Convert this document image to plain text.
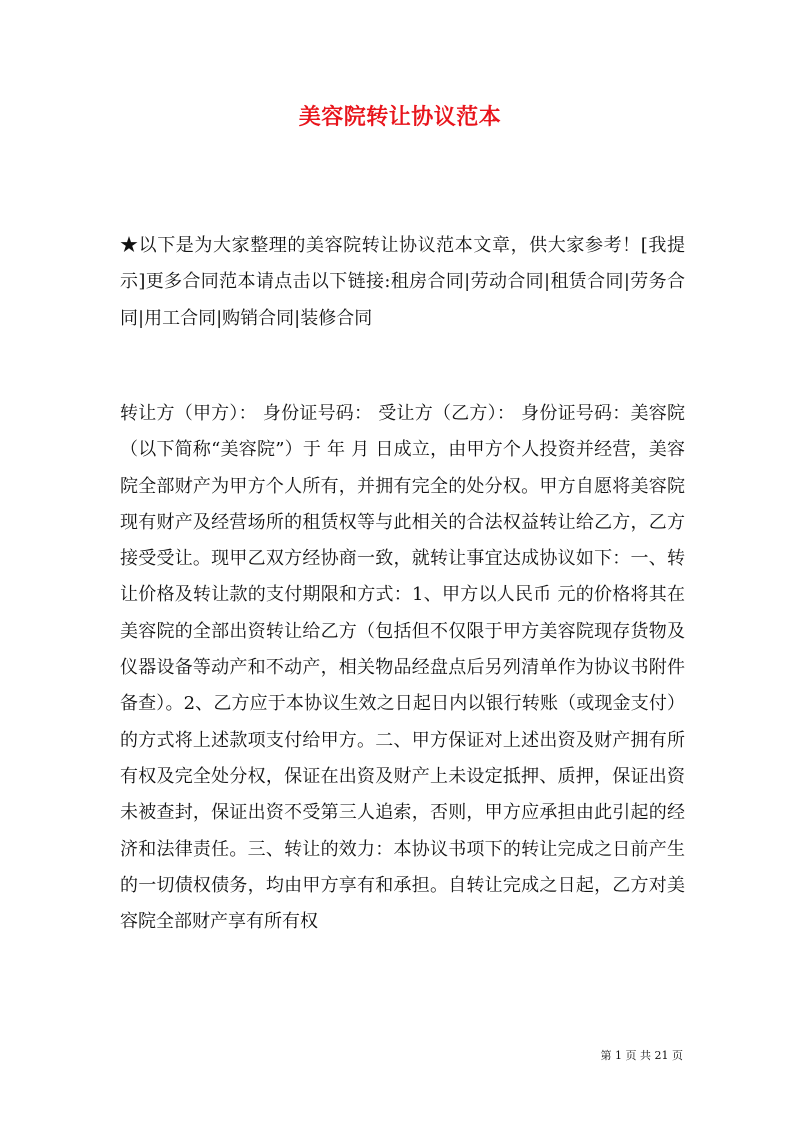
美容院转让协议范本

★以下是为大家整理的美容院转让协议范本文章，供大家参考！[我提示]更多合同范本请点击以下链接:租房合同|劳动合同|租赁合同|劳务合同|用工合同|购销合同|装修合同

转让方（甲方）： 身份证号码： 受让方（乙方）： 身份证号码：美容院（以下简称“美容院”）于 年 月 日成立，由甲方个人投资并经营，美容院全部财产为甲方个人所有，并拥有完全的处分权。甲方自愿将美容院现有财产及经营场所的租赁权等与此相关的合法权益转让给乙方，乙方接受受让。现甲乙双方经协商一致，就转让事宜达成协议如下：一、转让价格及转让款的支付期限和方式：1、甲方以人民币 元的价格将其在美容院的全部出资转让给乙方（包括但不仅限于甲方美容院现存货物及仪器设备等动产和不动产，相关物品经盘点后另列清单作为协议书附件备查）。2、乙方应于本协议生效之日起日内以银行转账（或现金支付）的方式将上述款项支付给甲方。二、甲方保证对上述出资及财产拥有所有权及完全处分权，保证在出资及财产上未设定抵押、质押，保证出资未被查封，保证出资不受第三人追索，否则，甲方应承担由此引起的经济和法律责任。三、转让的效力：本协议书项下的转让完成之日前产生的一切债权债务，均由甲方享有和承担。自转让完成之日起，乙方对美容院全部财产享有所有权

第 1 页 共 21 页
